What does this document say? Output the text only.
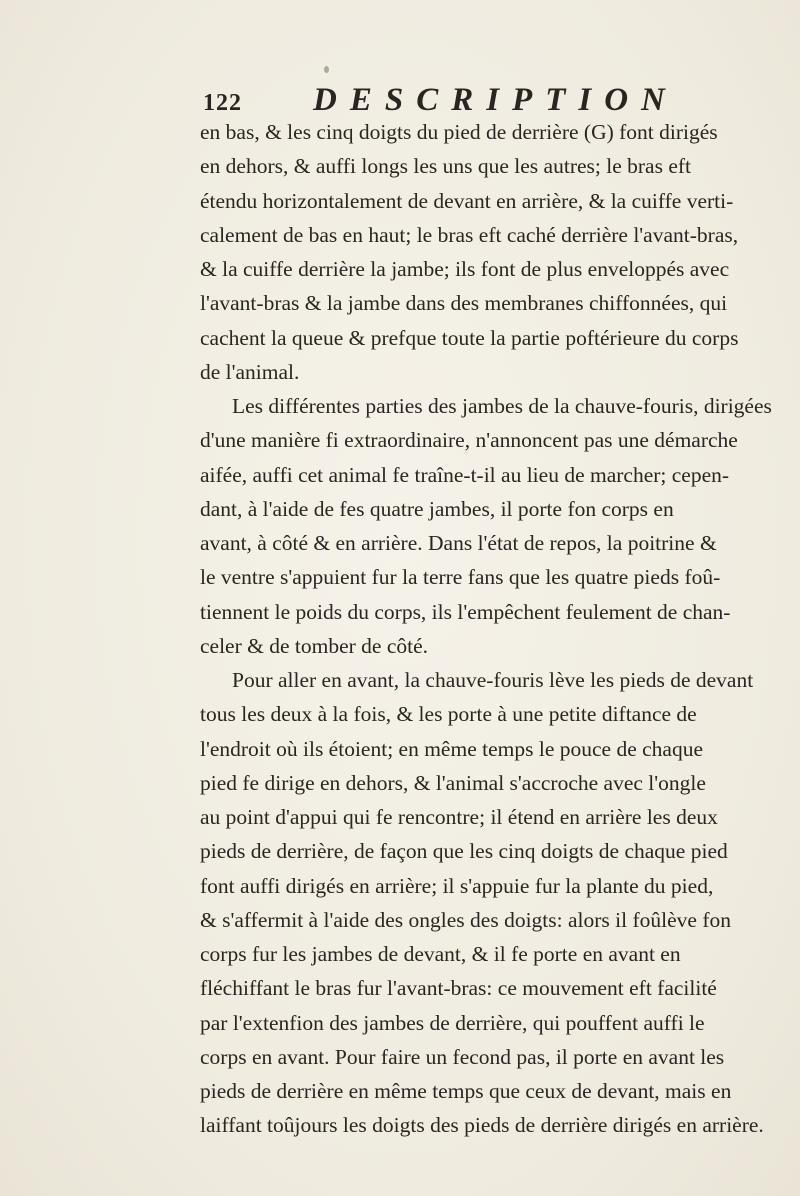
122 DESCRIPTION
en bas, & les cinq doigts du pied de derrière (G) font dirigés
en dehors, & auffi longs les uns que les autres; le bras eft
étendu horizontalement de devant en arrière, & la cuiffe verti-
calement de bas en haut; le bras eft caché derrière l'avant-bras,
& la cuiffe derrière la jambe; ils font de plus enveloppés avec
l'avant-bras & la jambe dans des membranes chiffonnées, qui
cachent la queue & prefque toute la partie poftérieure du corps
de l'animal.
Les différentes parties des jambes de la chauve-fouris, dirigées
d'une manière fi extraordinaire, n'annoncent pas une démarche
aifée, auffi cet animal fe traîne-t-il au lieu de marcher; cepen-
dant, à l'aide de fes quatre jambes, il porte fon corps en
avant, à côté & en arrière. Dans l'état de repos, la poitrine &
le ventre s'appuient fur la terre fans que les quatre pieds foû-
tiennent le poids du corps, ils l'empêchent feulement de chan-
celer & de tomber de côté.
Pour aller en avant, la chauve-fouris lève les pieds de devant
tous les deux à la fois, & les porte à une petite diftance de
l'endroit où ils étoient; en même temps le pouce de chaque
pied fe dirige en dehors, & l'animal s'accroche avec l'ongle
au point d'appui qui fe rencontre; il étend en arrière les deux
pieds de derrière, de façon que les cinq doigts de chaque pied
font auffi dirigés en arrière; il s'appuie fur la plante du pied,
& s'affermit à l'aide des ongles des doigts: alors il foûlève fon
corps fur les jambes de devant, & il fe porte en avant en
fléchiffant le bras fur l'avant-bras: ce mouvement eft facilité
par l'extenfion des jambes de derrière, qui pouffent auffi le
corps en avant. Pour faire un fecond pas, il porte en avant les
pieds de derrière en même temps que ceux de devant, mais en
laiffant toûjours les doigts des pieds de derrière dirigés en arrière.
